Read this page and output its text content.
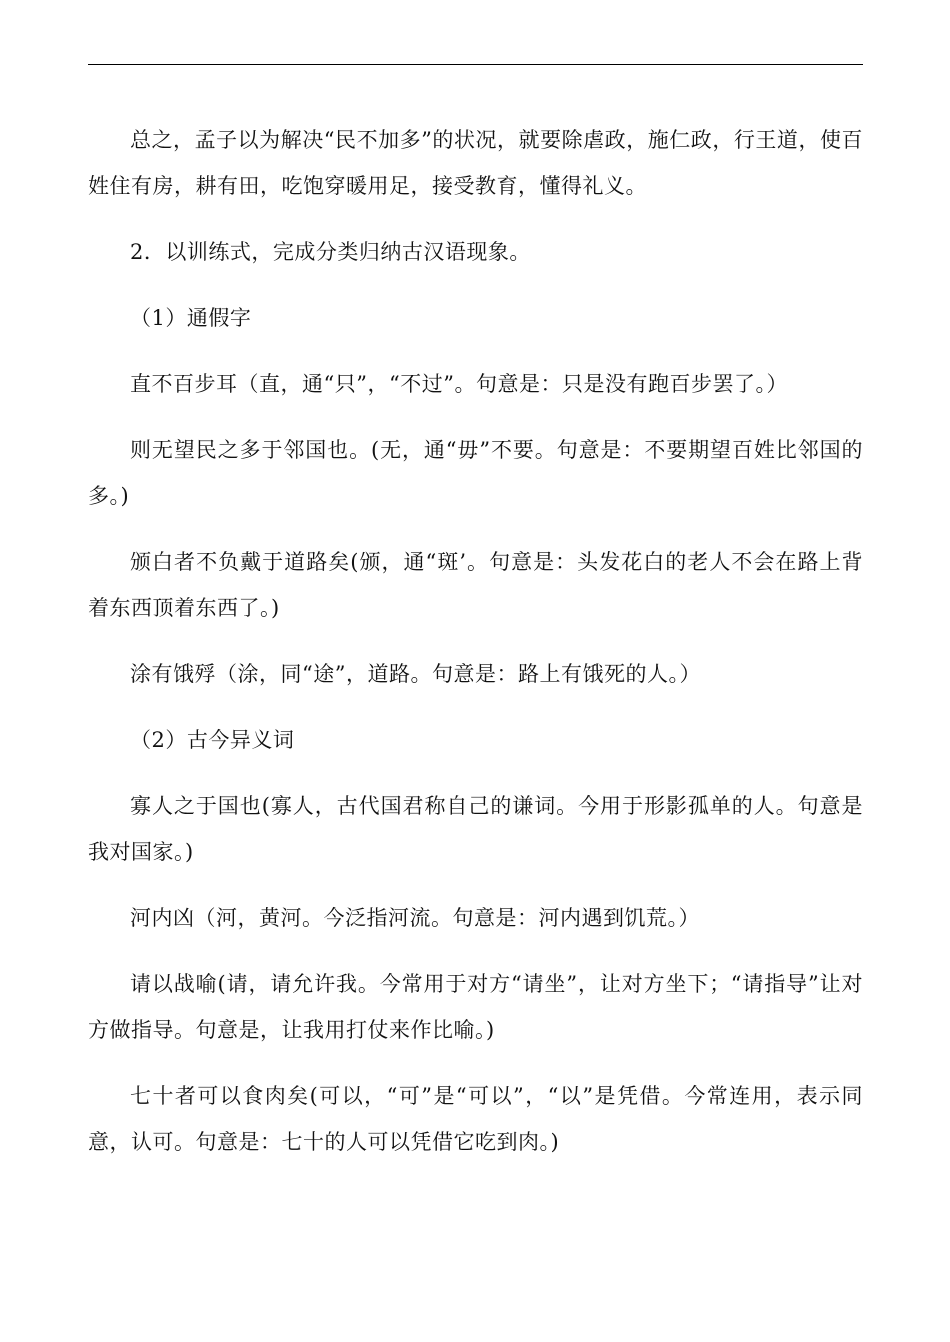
总之，孟子以为解决“民不加多”的状况，就要除虐政，施仁政，行王道，使百姓住有房，耕有田，吃饱穿暖用足，接受教育，懂得礼义。

2．以训练式，完成分类归纳古汉语现象。

（1）通假字

直不百步耳（直，通“只”，“不过”。句意是：只是没有跑百步罢了。）

则无望民之多于邻国也。(无，通“毋”不要。句意是：不要期望百姓比邻国的多。)

颁白者不负戴于道路矣(颁，通“斑’。句意是：头发花白的老人不会在路上背着东西顶着东西了。)

涂有饿殍（涂，同“途”，道路。句意是：路上有饿死的人。）

（2）古今异义词

寡人之于国也(寡人，古代国君称自己的谦词。今用于形影孤单的人。句意是我对国家。)

河内凶（河，黄河。今泛指河流。句意是：河内遇到饥荒。）

请以战喻(请，请允许我。今常用于对方“请坐”，让对方坐下；“请指导”让对方做指导。句意是，让我用打仗来作比喻。)

七十者可以食肉矣(可以，“可”是“可以”，“以”是凭借。今常连用，表示同意，认可。句意是：七十的人可以凭借它吃到肉。)
